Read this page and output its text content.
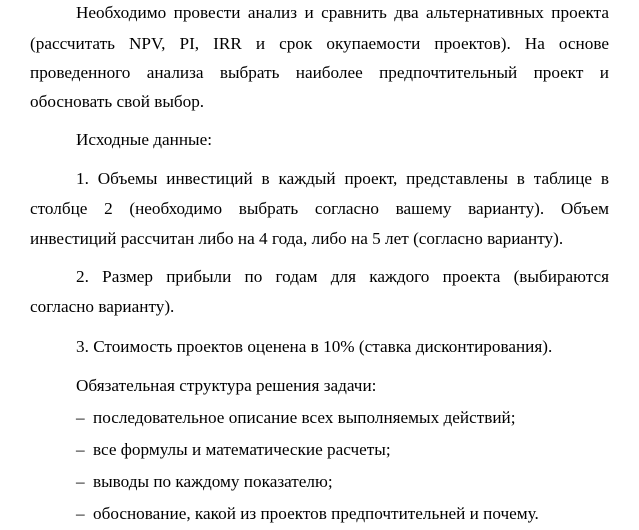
Необходимо провести анализ и сравнить два альтернативных проекта
(рассчитать NPV, PI, IRR и срок окупаемости проектов). На основе
проведенного анализа выбрать наиболее предпочтительный проект и
обосновать свой выбор.
Исходные данные:
1. Объемы инвестиций в каждый проект, представлены в таблице в
столбце 2 (необходимо выбрать согласно вашему варианту). Объем
инвестиций рассчитан либо на 4 года, либо на 5 лет (согласно варианту).
2. Размер прибыли по годам для каждого проекта (выбираются
согласно варианту).
3. Стоимость проектов оценена в 10% (ставка дисконтирования).
Обязательная структура решения задачи:
– последовательное описание всех выполняемых действий;
– все формулы и математические расчеты;
– выводы по каждому показателю;
– обоснование, какой из проектов предпочтительней и почему.
